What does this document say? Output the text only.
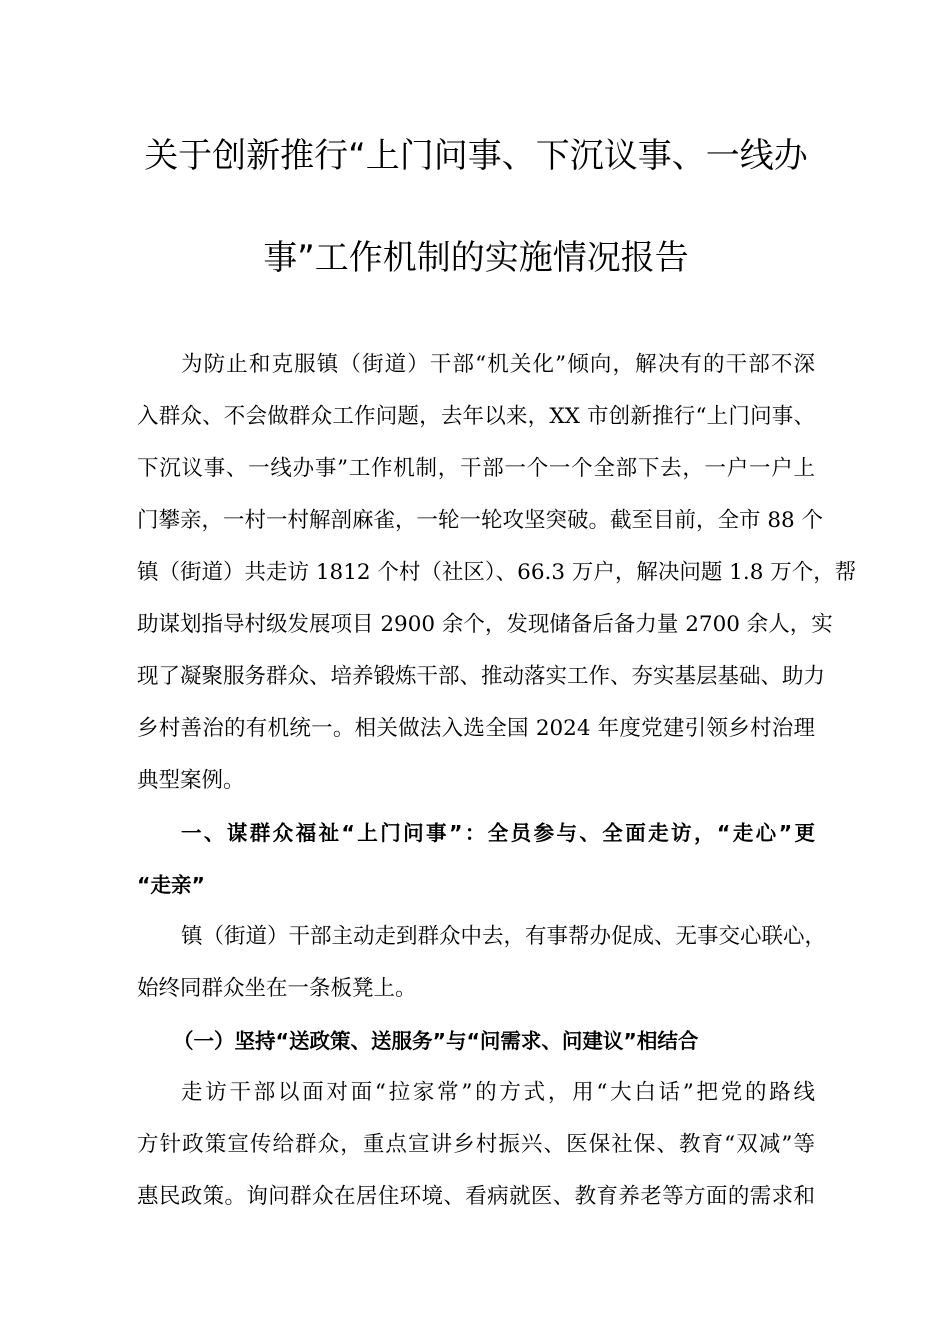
关于创新推行“上门问事、下沉议事、一线办
事”工作机制的实施情况报告
为防止和克服镇（街道）干部“机关化”倾向，解决有的干部不深
入群众、不会做群众工作问题，去年以来，XX 市创新推行“上门问事、
下沉议事、一线办事”工作机制，干部一个一个全部下去，一户一户上
门攀亲，一村一村解剖麻雀，一轮一轮攻坚突破。截至目前，全市 88 个
镇（街道）共走访 1812 个村（社区）、66.3 万户，解决问题 1.8 万个，帮
助谋划指导村级发展项目 2900 余个，发现储备后备力量 2700 余人，实
现了凝聚服务群众、培养锻炼干部、推动落实工作、夯实基层基础、助力
乡村善治的有机统一。相关做法入选全国 2024 年度党建引领乡村治理
典型案例。
一、谋群众福祉“上门问事”：全员参与、全面走访，“走心”更
“走亲”
镇（街道）干部主动走到群众中去，有事帮办促成、无事交心联心，
始终同群众坐在一条板凳上。
（一）坚持“送政策、送服务”与“问需求、问建议”相结合
走访干部以面对面“拉家常”的方式，用“大白话”把党的路线
方针政策宣传给群众，重点宣讲乡村振兴、医保社保、教育“双减”等
惠民政策。询问群众在居住环境、看病就医、教育养老等方面的需求和
